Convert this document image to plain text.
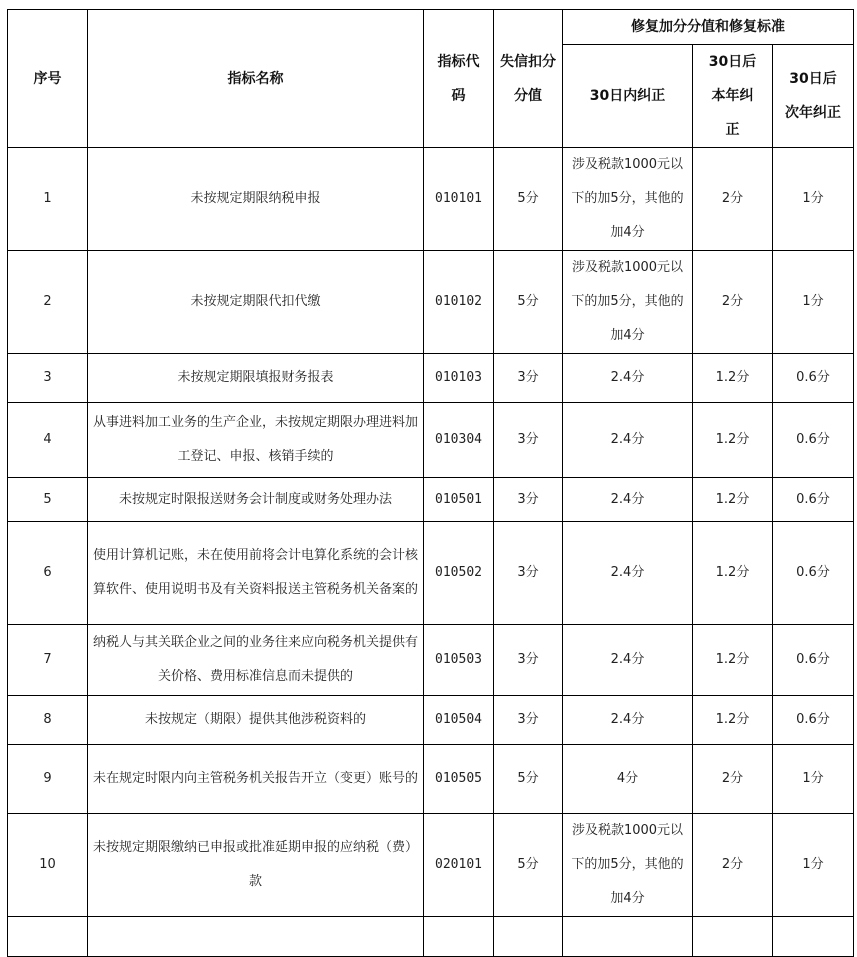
序号	指标名称	指标代码	失信扣分分值	修复加分分值和修复标准		
				30日内纠正	30日后本年纠正	30日后次年纠正
1	未按规定期限纳税申报	010101	5分	涉及税款1000元以下的加5分，其他的加4分	2分	1分
2	未按规定期限代扣代缴	010102	5分	涉及税款1000元以下的加5分，其他的加4分	2分	1分
3	未按规定期限填报财务报表	010103	3分	2.4分	1.2分	0.6分
4	从事进料加工业务的生产企业，未按规定期限办理进料加工登记、申报、核销手续的	010304	3分	2.4分	1.2分	0.6分
5	未按规定时限报送财务会计制度或财务处理办法	010501	3分	2.4分	1.2分	0.6分
6	使用计算机记账，未在使用前将会计电算化系统的会计核算软件、使用说明书及有关资料报送主管税务机关备案的	010502	3分	2.4分	1.2分	0.6分
7	纳税人与其关联企业之间的业务往来应向税务机关提供有关价格、费用标准信息而未提供的	010503	3分	2.4分	1.2分	0.6分
8	未按规定（期限）提供其他涉税资料的	010504	3分	2.4分	1.2分	0.6分
9	未在规定时限内向主管税务机关报告开立（变更）账号的	010505	5分	4分	2分	1分
10	未按规定期限缴纳已申报或批准延期申报的应纳税（费）款	020101	5分	涉及税款1000元以下的加5分，其他的加4分	2分	1分
